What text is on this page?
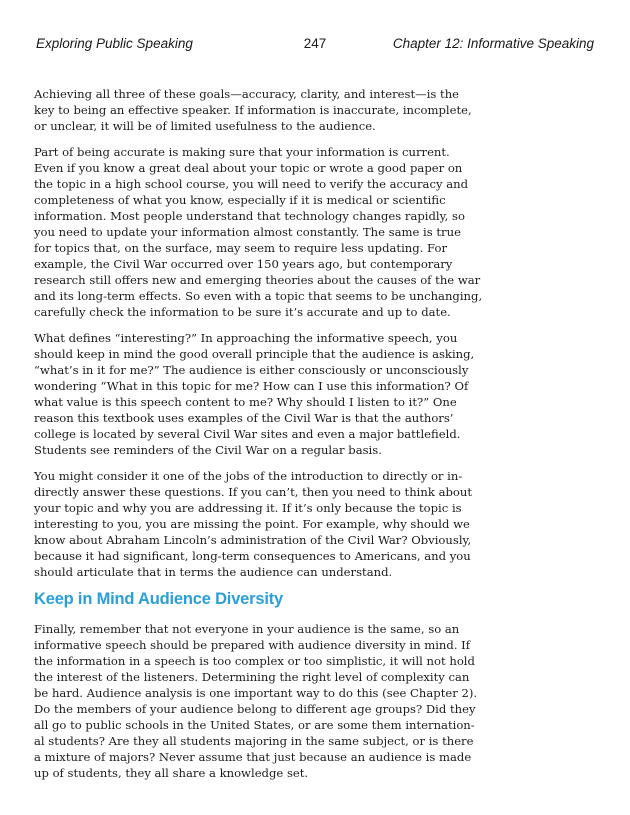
Exploring Public Speaking	247	Chapter 12: Informative Speaking
Achieving all three of these goals—accuracy, clarity, and interest—is the
key to being an effective speaker. If information is inaccurate, incomplete,
or unclear, it will be of limited usefulness to the audience.
Part of being accurate is making sure that your information is current.
Even if you know a great deal about your topic or wrote a good paper on
the topic in a high school course, you will need to verify the accuracy and
completeness of what you know, especially if it is medical or scientific
information. Most people understand that technology changes rapidly, so
you need to update your information almost constantly. The same is true
for topics that, on the surface, may seem to require less updating. For
example, the Civil War occurred over 150 years ago, but contemporary
research still offers new and emerging theories about the causes of the war
and its long-term effects. So even with a topic that seems to be unchanging,
carefully check the information to be sure it’s accurate and up to date.
What defines “interesting?” In approaching the informative speech, you
should keep in mind the good overall principle that the audience is asking,
“what’s in it for me?” The audience is either consciously or unconsciously
wondering “What in this topic for me? How can I use this information? Of
what value is this speech content to me? Why should I listen to it?” One
reason this textbook uses examples of the Civil War is that the authors’
college is located by several Civil War sites and even a major battlefield.
Students see reminders of the Civil War on a regular basis.
You might consider it one of the jobs of the introduction to directly or in-
directly answer these questions. If you can’t, then you need to think about
your topic and why you are addressing it. If it’s only because the topic is
interesting to you, you are missing the point. For example, why should we
know about Abraham Lincoln’s administration of the Civil War? Obviously,
because it had significant, long-term consequences to Americans, and you
should articulate that in terms the audience can understand.
Keep in Mind Audience Diversity
Finally, remember that not everyone in your audience is the same, so an
informative speech should be prepared with audience diversity in mind. If
the information in a speech is too complex or too simplistic, it will not hold
the interest of the listeners. Determining the right level of complexity can
be hard. Audience analysis is one important way to do this (see Chapter 2).
Do the members of your audience belong to different age groups? Did they
all go to public schools in the United States, or are some them internation-
al students? Are they all students majoring in the same subject, or is there
a mixture of majors? Never assume that just because an audience is made
up of students, they all share a knowledge set.
